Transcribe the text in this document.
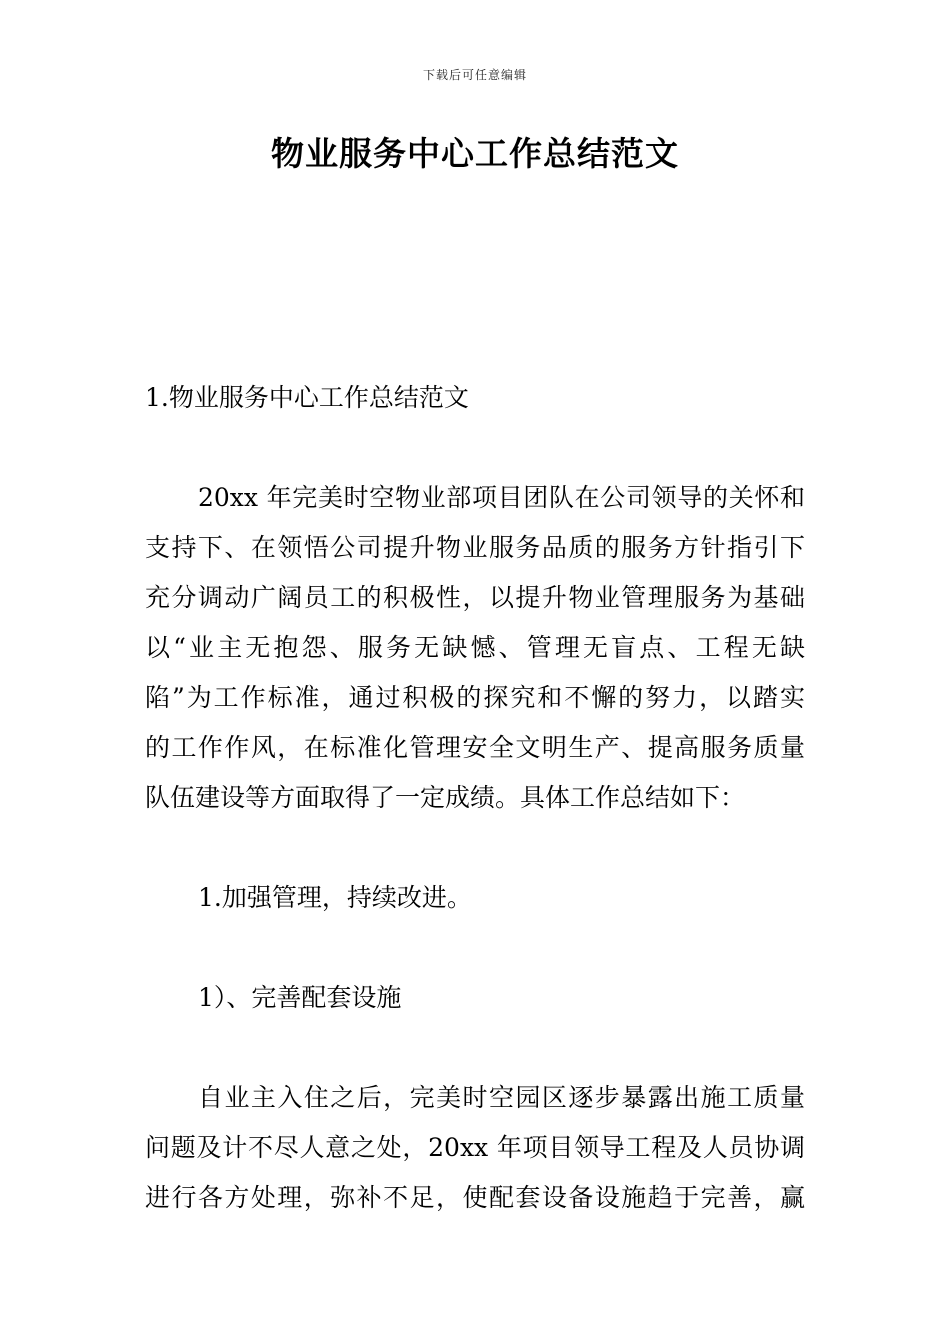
下载后可任意编辑
物业服务中心工作总结范文

1.物业服务中心工作总结范文

20xx 年完美时空物业部项目团队在公司领导的关怀和

支持下、在领悟公司提升物业服务品质的服务方针指引下

充分调动广阔员工的积极性，以提升物业管理服务为基础

以“业主无抱怨、服务无缺憾、管理无盲点、工程无缺

陷”为工作标准，通过积极的探究和不懈的努力，以踏实

的工作作风，在标准化管理安全文明生产、提高服务质量

队伍建设等方面取得了一定成绩。具体工作总结如下：

1.加强管理，持续改进。

1）、完善配套设施

自业主入住之后，完美时空园区逐步暴露出施工质量

问题及计不尽人意之处，20xx 年项目领导工程及人员协调

进行各方处理，弥补不足，使配套设备设施趋于完善，赢
